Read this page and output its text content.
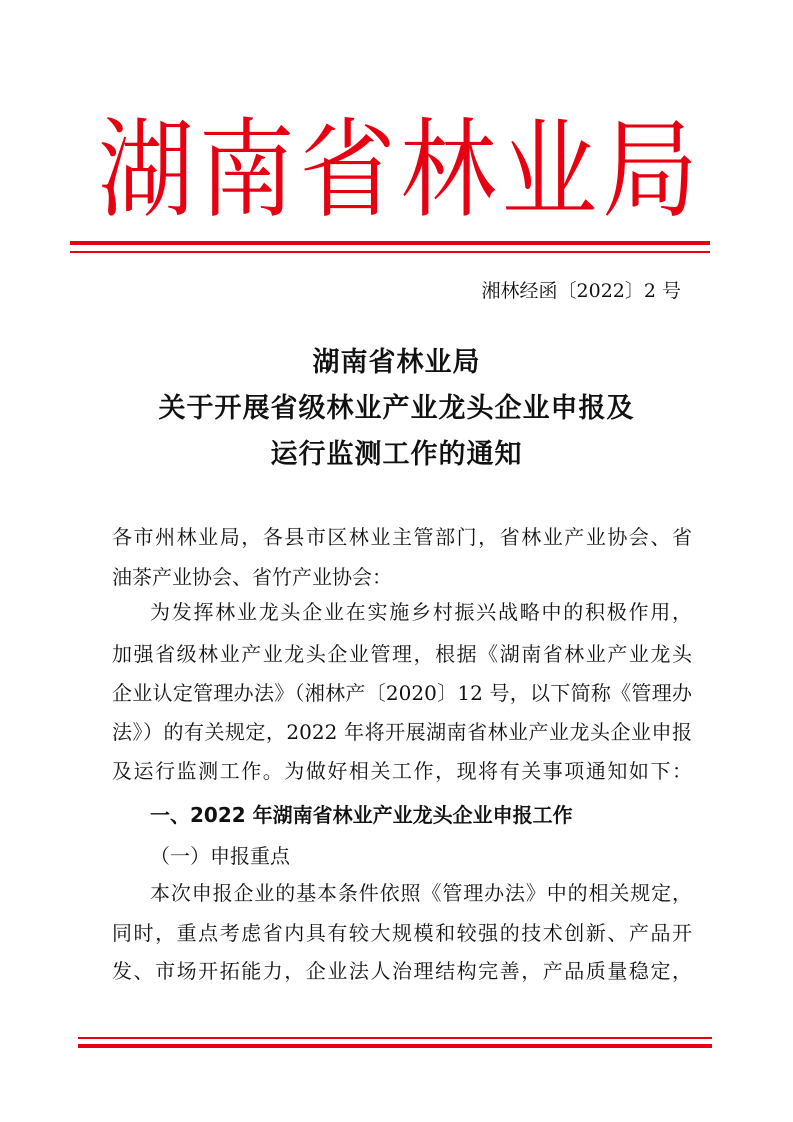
湖 南 省 林 业 局
湘林经函〔2022〕2 号
湖南省林业局
关于开展省级林业产业龙头企业申报及
运行监测工作的通知
各市州林业局，各县市区林业主管部门，省林业产业协会、省
油茶产业协会、省竹产业协会：
为发挥林业龙头企业在实施乡村振兴战略中的积极作用，
加强省级林业产业龙头企业管理，根据《湖南省林业产业龙头
企业认定管理办法》（湘林产〔2020〕12 号，以下简称《管理办
法》）的有关规定，2022 年将开展湖南省林业产业龙头企业申报
及运行监测工作。为做好相关工作，现将有关事项通知如下：
一、2022 年湖南省林业产业龙头企业申报工作
（一）申报重点
本次申报企业的基本条件依照《管理办法》中的相关规定，
同时，重点考虑省内具有较大规模和较强的技术创新、产品开
发、市场开拓能力，企业法人治理结构完善，产品质量稳定，
